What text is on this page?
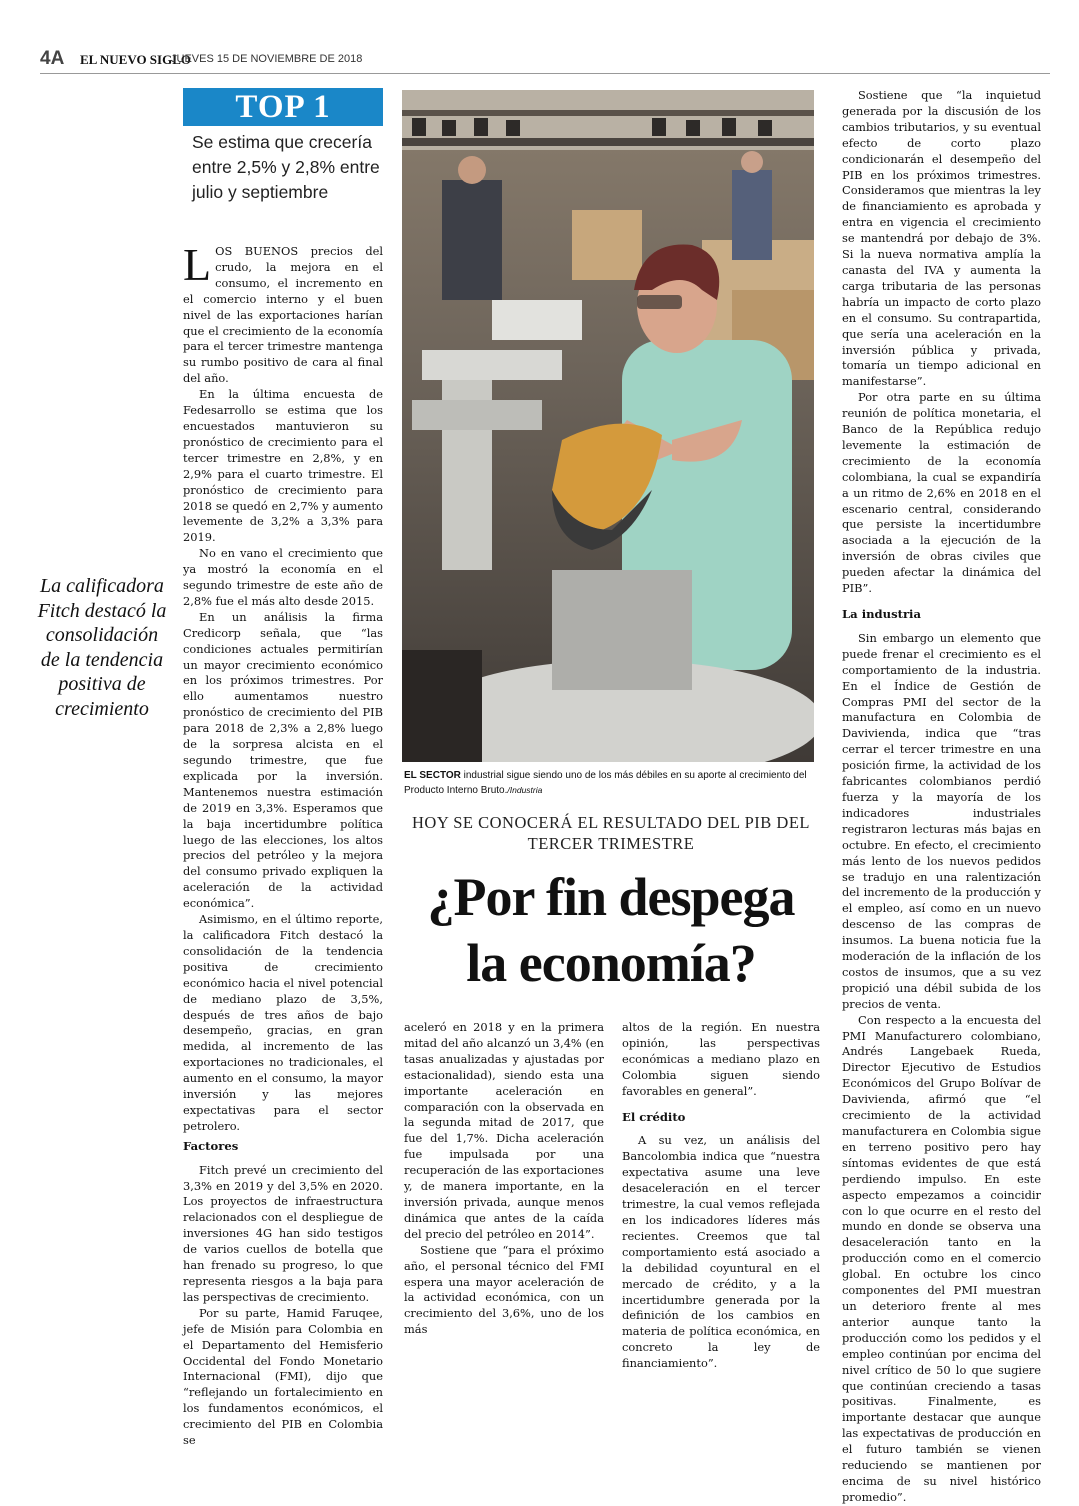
4A EL NUEVO SIGLO
JUEVES 15 DE NOVIEMBRE DE 2018
TOP 1
Se estima que crecería entre 2,5% y 2,8% entre julio y septiembre

LOS BUENOS precios del crudo, la mejora en el consumo, el incremento en el comercio interno y el buen nivel de las exportaciones harían que el crecimiento de la economía para el tercer trimestre mantenga su rumbo positivo de cara al final del año.

En la última encuesta de Fedesarrollo se estima que los encuestados mantuvieron su pronóstico de crecimiento para el tercer trimestre en 2,8%, y en 2,9% para el cuarto trimestre. El pronóstico de crecimiento para 2018 se quedó en 2,7% y aumento levemente de 3,2% a 3,3% para 2019.

No en vano el crecimiento que ya mostró la economía en el segundo trimestre de este año de 2,8% fue el más alto desde 2015.

En un análisis la firma Credicorp señala, que “las condiciones actuales permitirían un mayor crecimiento económico en los próximos trimestres. Por ello aumentamos nuestro pronóstico de crecimiento del PIB para 2018 de 2,3% a 2,8% luego de la sorpresa alcista en el segundo trimestre, que fue explicada por la inversión. Mantenemos nuestra estimación de 2019 en 3,3%. Esperamos que la baja incertidumbre política luego de las elecciones, los altos precios del petróleo y la mejora del consumo privado expliquen la aceleración de la actividad económica”.

Asimismo, en el último reporte, la calificadora Fitch destacó la consolidación de la tendencia positiva de crecimiento económico hacia el nivel potencial de mediano plazo de 3,5%, después de tres años de bajo desempeño, gracias, en gran medida, al incremento de las exportaciones no tradicionales, el aumento en el consumo, la mayor inversión y las mejores expectativas para el sector petrolero.

Factores

Fitch prevé un crecimiento del 3,3% en 2019 y del 3,5% en 2020. Los proyectos de infraestructura relacionados con el despliegue de inversiones 4G han sido testigos de varios cuellos de botella que han frenado su progreso, lo que representa riesgos a la baja para las perspectivas de crecimiento.

Por su parte, Hamid Faruqee, jefe de Misión para Colombia en el Departamento del Hemisferio Occidental del Fondo Monetario Internacional (FMI), dijo que “reflejando un fortalecimiento en los fundamentos económicos, el crecimiento del PIB en Colombia se

La calificadora Fitch destacó la consolidación de la tendencia positiva de crecimiento
EL SECTOR industrial sigue siendo uno de los más débiles en su aporte al crecimiento del Producto Interno Bruto./Industria
HOY SE CONOCERÁ EL RESULTADO DEL PIB DEL TERCER TRIMESTRE
¿Por fin despega
la economía?

aceleró en 2018 y en la primera mitad del año alcanzó un 3,4% (en tasas anualizadas y ajustadas por estacionalidad), siendo esta una importante aceleración en comparación con la observada en la segunda mitad de 2017, que fue del 1,7%. Dicha aceleración fue impulsada por una recuperación de las exportaciones y, de manera importante, en la inversión privada, aunque menos dinámica que antes de la caída del precio del petróleo en 2014”.

Sostiene que “para el próximo año, el personal técnico del FMI espera una mayor aceleración de la actividad económica, con un crecimiento del 3,6%, uno de los más

altos de la región. En nuestra opinión, las perspectivas económicas a mediano plazo en Colombia siguen siendo favorables en general”.

El crédito

A su vez, un análisis del Bancolombia indica que “nuestra expectativa asume una leve desaceleración en el tercer trimestre, la cual vemos reflejada en los indicadores líderes más recientes. Creemos que tal comportamiento está asociado a la debilidad coyuntural en el mercado de crédito, y a la incertidumbre generada por la definición de los cambios en materia de política económica, en concreto la ley de financiamiento”.

Sostiene que “la inquietud generada por la discusión de los cambios tributarios, y su eventual efecto de corto plazo condicionarán el desempeño del PIB en los próximos trimestres. Consideramos que mientras la ley de financiamiento es aprobada y entra en vigencia el crecimiento se mantendrá por debajo de 3%. Si la nueva normativa amplía la canasta del IVA y aumenta la carga tributaria de las personas habría un impacto de corto plazo en el consumo. Su contrapartida, que sería una aceleración en la inversión pública y privada, tomaría un tiempo adicional en manifestarse”.

Por otra parte en su última reunión de política monetaria, el Banco de la República redujo levemente la estimación de crecimiento de la economía colombiana, la cual se expandiría a un ritmo de 2,6% en 2018 en el escenario central, considerando que persiste la incertidumbre asociada a la ejecución de la inversión de obras civiles que pueden afectar la dinámica del PIB”.

La industria

Sin embargo un elemento que puede frenar el crecimiento es el comportamiento de la industria. En el Índice de Gestión de Compras PMI del sector de la manufactura en Colombia de Davivienda, indica que “tras cerrar el tercer trimestre en una posición firme, la actividad de los fabricantes colombianos perdió fuerza y la mayoría de los indicadores industriales registraron lecturas más bajas en octubre. En efecto, el crecimiento más lento de los nuevos pedidos se tradujo en una ralentización del incremento de la producción y el empleo, así como en un nuevo descenso de las compras de insumos. La buena noticia fue la moderación de la inflación de los costos de insumos, que a su vez propició una débil subida de los precios de venta.

Con respecto a la encuesta del PMI Manufacturero colombiano, Andrés Langebaek Rueda, Director Ejecutivo de Estudios Económicos del Grupo Bolívar de Davivienda, afirmó que “el crecimiento de la actividad manufacturera en Colombia sigue en terreno positivo pero hay síntomas evidentes de que está perdiendo impulso. En este aspecto empezamos a coincidir con lo que ocurre en el resto del mundo en donde se observa una desaceleración tanto en la producción como en el comercio global. En octubre los cinco componentes del PMI muestran un deterioro frente al mes anterior aunque tanto la producción como los pedidos y el empleo continúan por encima del nivel crítico de 50 lo que sugiere que continúan creciendo a tasas positivas. Finalmente, es importante destacar que aunque las expectativas de producción en el futuro también se vienen reduciendo se mantienen por encima de su nivel histórico promedio”.
